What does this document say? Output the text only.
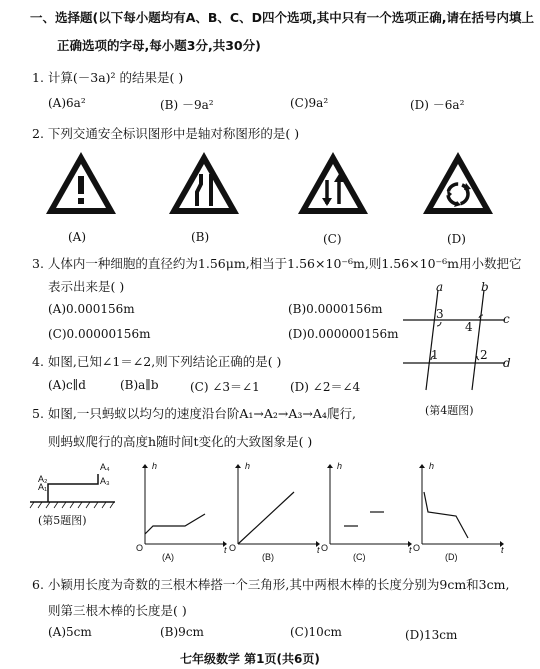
一、选择题(以下每小题均有A、B、C、D四个选项,其中只有一个选项正确,请在括号内填上
正确选项的字母,每小题3分,共30分)
1. 计算(－3a)² 的结果是( )
(A)6a²	(B) －9a²	(C)9a²	(D) －6a²
2. 下列交通安全标识图形中是轴对称图形的是( )
(A)	(B)	(C)	(D)
3. 人体内一种细胞的直径约为1.56μm,相当于1.56×10⁻⁶m,则1.56×10⁻⁶m用小数把它
表示出来是( )
(A)0.000156m	(B)0.0000156m
(C)0.00000156m	(D)0.000000156m
a	b
c
d
3
4
1	2
(第4题图)
4. 如图,已知∠1＝∠2,则下列结论正确的是( )
(A)c∥d	(B)a∥b	(C) ∠3＝∠1	(D) ∠2＝∠4
5. 如图,一只蚂蚁以均匀的速度沿台阶A₁→A₂→A₃→A₄爬行,
则蚂蚁爬行的高度h随时间t变化的大致图象是( )
A₁
A₂	A₃
A₄
(第5题图)
h	h	h	h
t	t	t	t
O	O	O	O
(A)	(B)	(C)	(D)
6. 小颖用长度为奇数的三根木棒搭一个三角形,其中两根木棒的长度分别为9cm和3cm,
则第三根木棒的长度是( )
(A)5cm	(B)9cm	(C)10cm	(D)13cm
七年级数学 第1页(共6页)
